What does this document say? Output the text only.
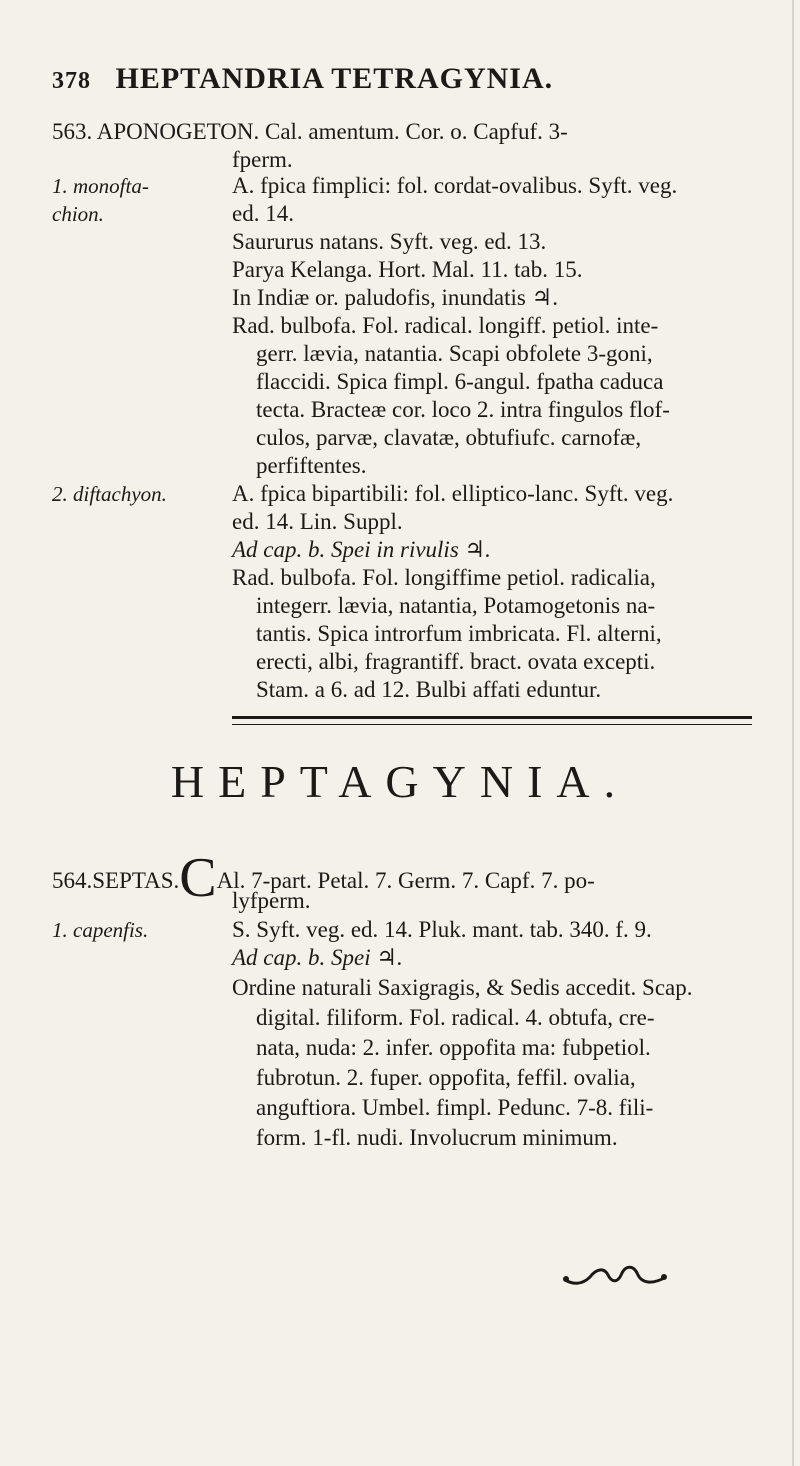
378 HEPTANDRIA TETRAGYNIA.
563. APONOGETON. Cal. amentum. Cor. o. Capfuf. 3-
fperm.
1. monofta-
chion.
A. fpica fimplici: fol. cordat-ovalibus. Syft. veg.
ed. 14.
Saururus natans. Syft. veg. ed. 13.
Parya Kelanga. Hort. Mal. 11. tab. 15.
In Indiæ or. paludofis, inundatis ♃.
Rad. bulbofa. Fol. radical. longiff. petiol. inte-
gerr. lævia, natantia. Scapi obfolete 3-goni,
flaccidi. Spica fimpl. 6-angul. fpatha caduca
tecta. Bracteæ cor. loco 2. intra fingulos flof-
culos, parvæ, clavatæ, obtufiufc. carnofæ,
perfiftentes.
2. diftachyon.	A. fpica bipartibili: fol. elliptico-lanc. Syft. veg.
ed. 14. Lin. Suppl.
Ad cap. b. Spei in rivulis ♃.
Rad. bulbofa. Fol. longiffime petiol. radicalia,
integerr. lævia, natantia, Potamogetonis na-
tantis. Spica introrfum imbricata. Fl. alterni,
erecti, albi, fragrantiff. bract. ovata excepti.
Stam. a 6. ad 12. Bulbi affati eduntur.
HEPTAGYNIA.
564.SEPTAS.CAl. 7-part. Petal. 7. Germ. 7. Capf. 7. po-
lyfperm.
1. capenfis.	S. Syft. veg. ed. 14. Pluk. mant. tab. 340. f. 9.
Ad cap. b. Spei ♃.
Ordine naturali Saxigragis, & Sedis accedit. Scap.
digital. filiform. Fol. radical. 4. obtufa, cre-
nata, nuda: 2. infer. oppofita ma: fubpetiol.
fubrotun. 2. fuper. oppofita, feffil. ovalia,
anguftiora. Umbel. fimpl. Pedunc. 7-8. fili-
form. 1-fl. nudi. Involucrum minimum.
